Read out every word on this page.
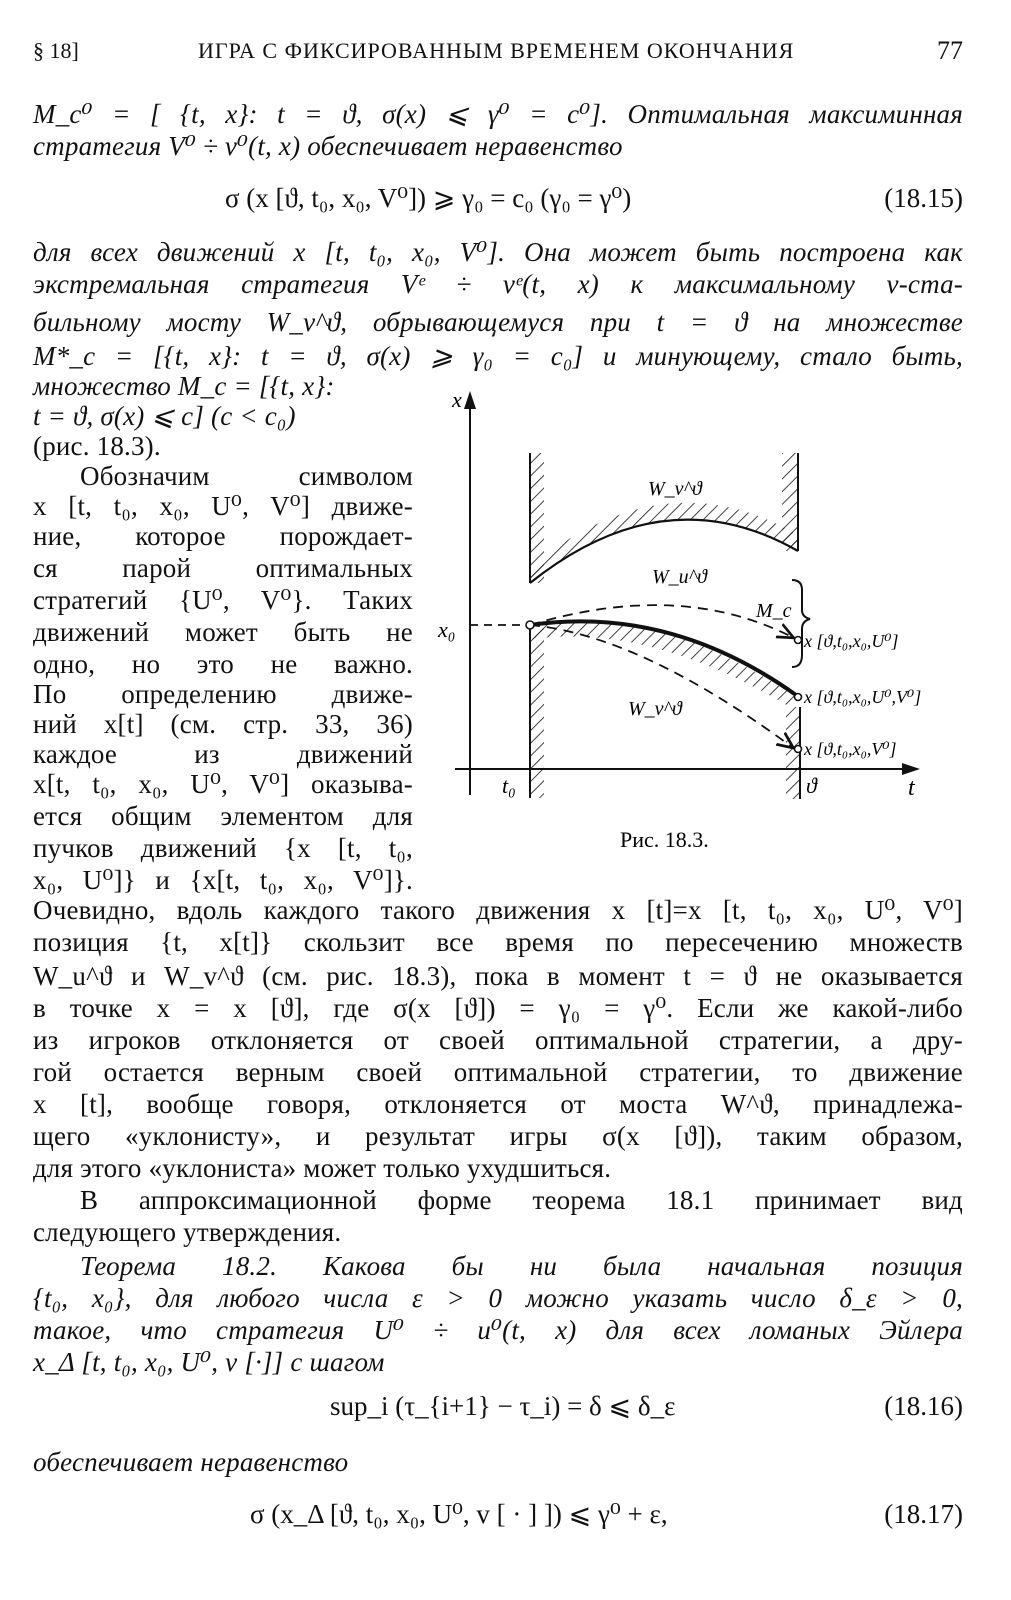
§ 18]	ИГРА С ФИКСИРОВАННЫМ ВРЕМЕНЕМ ОКОНЧАНИЯ	77
M_c⁰ = [ {t, x}: t = ϑ, σ(x) ⩽ γ⁰ = c⁰]. Оптимальная максиминная
стратегия V⁰ ÷ v⁰(t, x) обеспечивает неравенство
σ (x [ϑ, t₀, x₀, V⁰]) ⩾ γ₀ = c₀ (γ₀ = γ⁰)	(18.15)
для всех движений x [t, t₀, x₀, V⁰]. Она может быть построена как
экстремальная стратегия Vᵉ ÷ vᵉ(t, x) к максимальному v-ста-
бильному мосту W_v^ϑ, обрывающемуся при t = ϑ на множестве
M*_c = [{t, x}: t = ϑ, σ(x) ⩾ γ₀ = c₀] и минующему, стало быть,
множество M_c = [{t, x}:
t = ϑ, σ(x) ⩽ c] (c < c₀)
(рис. 18.3).
Обозначим символом
x [t, t₀, x₀, U⁰, V⁰] движе-
ние, которое порождает-
ся парой оптимальных
стратегий {U⁰, V⁰}. Таких
движений может быть не
одно, но это не важно.
По определению движе-
ний x[t] (см. стр. 33, 36)
каждое из движений
x[t, t₀, x₀, U⁰, V⁰] оказыва-
ется общим элементом для
пучков движений {x [t, t₀,
x₀, U⁰]} и {x[t, t₀, x₀, V⁰]}.
x
t
x₀
M_c
W_v^ϑ
W_u^ϑ
W_v^ϑ
x [ϑ,t₀,x₀,U⁰]
x [ϑ,t₀,x₀,U⁰,V⁰]
x [ϑ,t₀,x₀,V⁰]
t₀	ϑ
Рис. 18.3.
Очевидно, вдоль каждого такого движения x [t]=x [t, t₀, x₀, U⁰, V⁰]
позиция {t, x[t]} скользит все время по пересечению множеств
W_u^ϑ и W_v^ϑ (см. рис. 18.3), пока в момент t = ϑ не оказывается
в точке x = x [ϑ], где σ(x [ϑ]) = γ₀ = γ⁰. Если же какой-либо
из игроков отклоняется от своей оптимальной стратегии, а дру-
гой остается верным своей оптимальной стратегии, то движение
x [t], вообще говоря, отклоняется от моста W^ϑ, принадлежа-
щего «уклонисту», и результат игры σ(x [ϑ]), таким образом,
для этого «уклониста» может только ухудшиться.
В аппроксимационной форме теорема 18.1 принимает вид
следующего утверждения.
Теорема 18.2. Какова бы ни была начальная позиция
{t₀, x₀}, для любого числа ε > 0 можно указать число δ_ε > 0,
такое, что стратегия U⁰ ÷ u⁰(t, x) для всех ломаных Эйлера
x_Δ [t, t₀, x₀, U⁰, v [·]] с шагом
sup_i (τ_{i+1} − τ_i) = δ ⩽ δ_ε	(18.16)
обеспечивает неравенство
σ (x_Δ [ϑ, t₀, x₀, U⁰, v [ · ] ]) ⩽ γ⁰ + ε,	(18.17)
